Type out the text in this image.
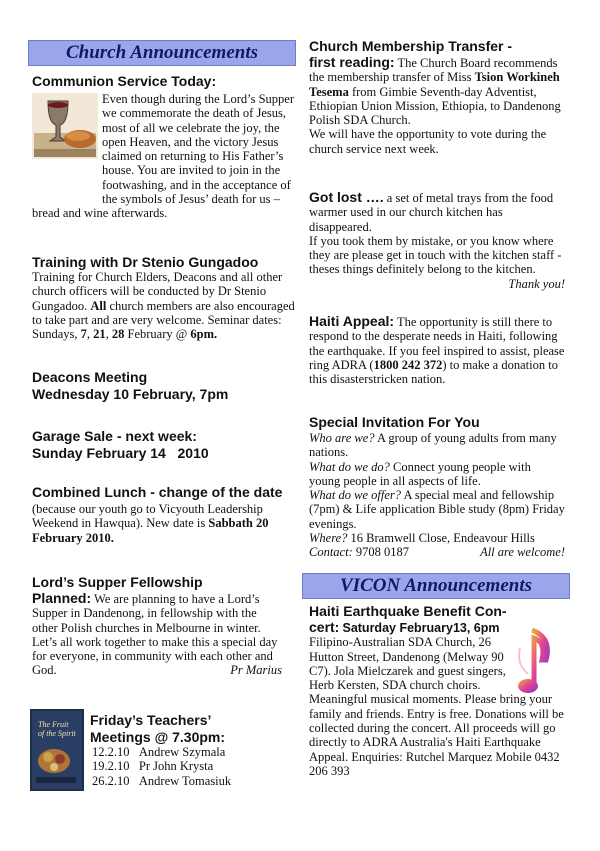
Church Announcements
Communion Service Today:
Even though during the Lord’s Supper we commemorate the death of Jesus, most of all we celebrate the joy, the open Heaven, and the victory Jesus claimed on returning to His Father’s house. You are invited to join in the footwashing, and in the acceptance of the symbols of Jesus’ death for us – bread and wine afterwards.
Training with Dr Stenio Gungadoo
Training for Church Elders, Deacons and all other church officers will be conducted by Dr Stenio Gungadoo. All church members are also encouraged to take part and are very welcome. Seminar dates: Sundays, 7, 21, 28 February @ 6pm.
Deacons Meeting
Wednesday 10 February, 7pm
Garage Sale - next week:
Sunday February 14   2010
Combined Lunch - change of the date
(because our youth go to Vicyouth Leadership Weekend in Hawqua). New date is Sabbath 20 February 2010.
Lord’s Supper Fellowship
Planned: We are planning to have a Lord’s Supper in Dandenong, in fellowship with the other Polish churches in Melbourne in winter.

Let’s all work together to make this a special day for everyone, in community with each other and God.	Pr Marius

The Fruit
of the Spirit
Friday’s Teachers’
Meetings @ 7.30pm:
12.2.10 Andrew Szymala
19.2.10 Pr John Krysta
26.2.10 Andrew Tomasiuk
Church Membership Transfer -
first reading: The Church Board recommends the membership transfer of Miss Tsion Workineh Tesema from Gimbie Seventh-day Adventist, Ethiopian Union Mission, Ethiopia, to Dandenong Polish SDA Church.

We will have the opportunity to vote during the church service next week.

Got lost …. a set of metal trays from the food warmer used in our church kitchen has disappeared.

If you took them by mistake, or you know where they are please get in touch with the kitchen staff - theses things definitely belong to the kitchen.
Thank you!

Haiti Appeal: The opportunity is still there to respond to the desperate needs in Haiti, following the earthquake. If you feel inspired to assist, please ring ADRA (1800 242 372) to make a donation to this disasterstricken nation.
Special Invitation For You
Who are we? A group of young adults from many nations.
What do we do? Connect young people with young people in all aspects of life.
What do we offer? A special meal and fellowship (7pm) & Life application Bible study (8pm) Friday evenings.
Where? 16 Bramwell Close, Endeavour Hills
Contact: 9708 0187	All are welcome!
VICON Announcements
Haiti Earthquake Benefit Con-
cert: Saturday February13, 6pm
Filipino-Australian SDA Church, 26 Hutton Street, Dandenong (Melway 90 C7). Jola Mielczarek and guest singers, Herb Kersten, SDA church choirs. Meaningful musical moments. Please bring your family and friends. Entry is free. Donations will be collected during the concert. All proceeds will go directly to ADRA Australia's Haiti Earthquake Appeal. Enquiries: Rutchel Marquez Mobile 0432 206 393
